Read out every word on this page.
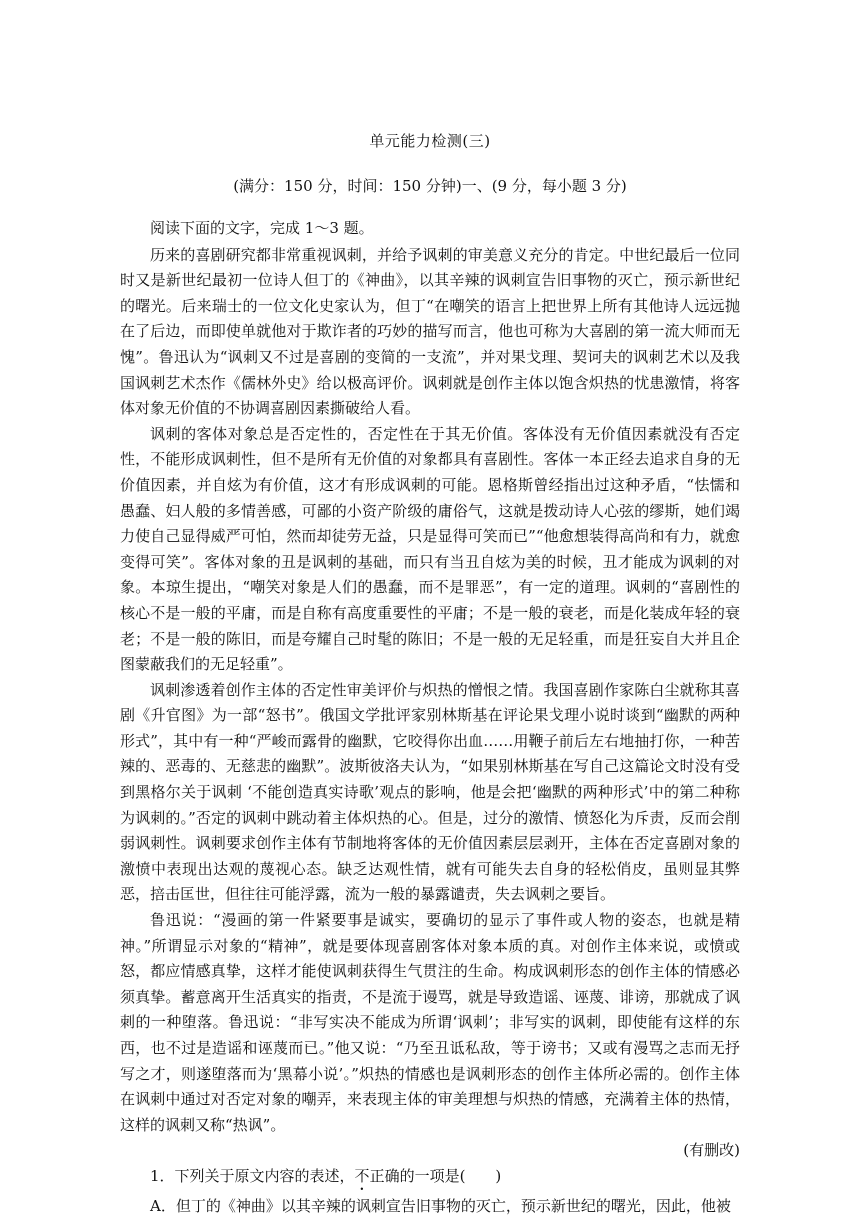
单元能力检测(三)
(满分：150 分，时间：150 分钟)一、(9 分，每小题 3 分)

阅读下面的文字，完成 1～3 题。

历来的喜剧研究都非常重视讽刺，并给予讽刺的审美意义充分的肯定。中世纪最后一位同时又是新世纪最初一位诗人但丁的《神曲》，以其辛辣的讽刺宣告旧事物的灭亡，预示新世纪的曙光。后来瑞士的一位文化史家认为，但丁“在嘲笑的语言上把世界上所有其他诗人远远抛在了后边，而即使单就他对于欺诈者的巧妙的描写而言，他也可称为大喜剧的第一流大师而无愧”。鲁迅认为“讽刺又不过是喜剧的变简的一支流”，并对果戈理、契诃夫的讽刺艺术以及我国讽刺艺术杰作《儒林外史》给以极高评价。讽刺就是创作主体以饱含炽热的忧患激情，将客体对象无价值的不协调喜剧因素撕破给人看。

讽刺的客体对象总是否定性的，否定性在于其无价值。客体没有无价值因素就没有否定性，不能形成讽刺性，但不是所有无价值的对象都具有喜剧性。客体一本正经去追求自身的无价值因素，并自炫为有价值，这才有形成讽刺的可能。恩格斯曾经指出过这种矛盾，“怯懦和愚蠢、妇人般的多情善感，可鄙的小资产阶级的庸俗气，这就是拨动诗人心弦的缪斯，她们竭力使自己显得威严可怕，然而却徒劳无益，只是显得可笑而已”“他愈想装得高尚和有力，就愈变得可笑”。客体对象的丑是讽刺的基础，而只有当丑自炫为美的时候，丑才能成为讽刺的对象。本琼生提出，“嘲笑对象是人们的愚蠢，而不是罪恶”，有一定的道理。讽刺的“喜剧性的核心不是一般的平庸，而是自称有高度重要性的平庸；不是一般的衰老，而是化装成年轻的衰老；不是一般的陈旧，而是夸耀自己时髦的陈旧；不是一般的无足轻重，而是狂妄自大并且企图蒙蔽我们的无足轻重”。

讽刺渗透着创作主体的否定性审美评价与炽热的憎恨之情。我国喜剧作家陈白尘就称其喜剧《升官图》为一部“怒书”。俄国文学批评家别林斯基在评论果戈理小说时谈到“幽默的两种形式”，其中有一种“严峻而露骨的幽默，它咬得你出血……用鞭子前后左右地抽打你，一种苦辣的、恶毒的、无慈悲的幽默”。波斯彼洛夫认为，“如果别林斯基在写自己这篇论文时没有受到黑格尔关于讽刺 ‘不能创造真实诗歌’观点的影响，他是会把‘幽默的两种形式’中的第二种称为讽刺的。”否定的讽刺中跳动着主体炽热的心。但是，过分的激情、愤怒化为斥责，反而会削弱讽刺性。讽刺要求创作主体有节制地将客体的无价值因素层层剥开，主体在否定喜剧对象的激愤中表现出达观的蔑视心态。缺乏达观性情，就有可能失去自身的轻松俏皮，虽则显其弊恶，掊击匡世，但往往可能浮露，流为一般的暴露谴责，失去讽刺之要旨。

鲁迅说：“漫画的第一件紧要事是诚实，要确切的显示了事件或人物的姿态，也就是精神。”所谓显示对象的“精神”，就是要体现喜剧客体对象本质的真。对创作主体来说，或愤或怒，都应情感真挚，这样才能使讽刺获得生气贯注的生命。构成讽刺形态的创作主体的情感必须真挚。蓄意离开生活真实的指责，不是流于谩骂，就是导致造谣、诬蔑、诽谤，那就成了讽刺的一种堕落。鲁迅说：“非写实决不能成为所谓‘讽刺’；非写实的讽刺，即使能有这样的东西，也不过是造谣和诬蔑而已。”他又说：“乃至丑诋私敌，等于谤书；又或有漫骂之志而无抒写之才，则遂堕落而为‘黑幕小说’。”炽热的情感也是讽刺形态的创作主体所必需的。创作主体在讽刺中通过对否定对象的嘲弄，来表现主体的审美理想与炽热的情感，充满着主体的热情，这样的讽刺又称“热讽”。

(有删改)

1．下列关于原文内容的表述，不正确的一项是(　　)

A．但丁的《神曲》以其辛辣的讽刺宣告旧事物的灭亡，预示新世纪的曙光，因此，他被
